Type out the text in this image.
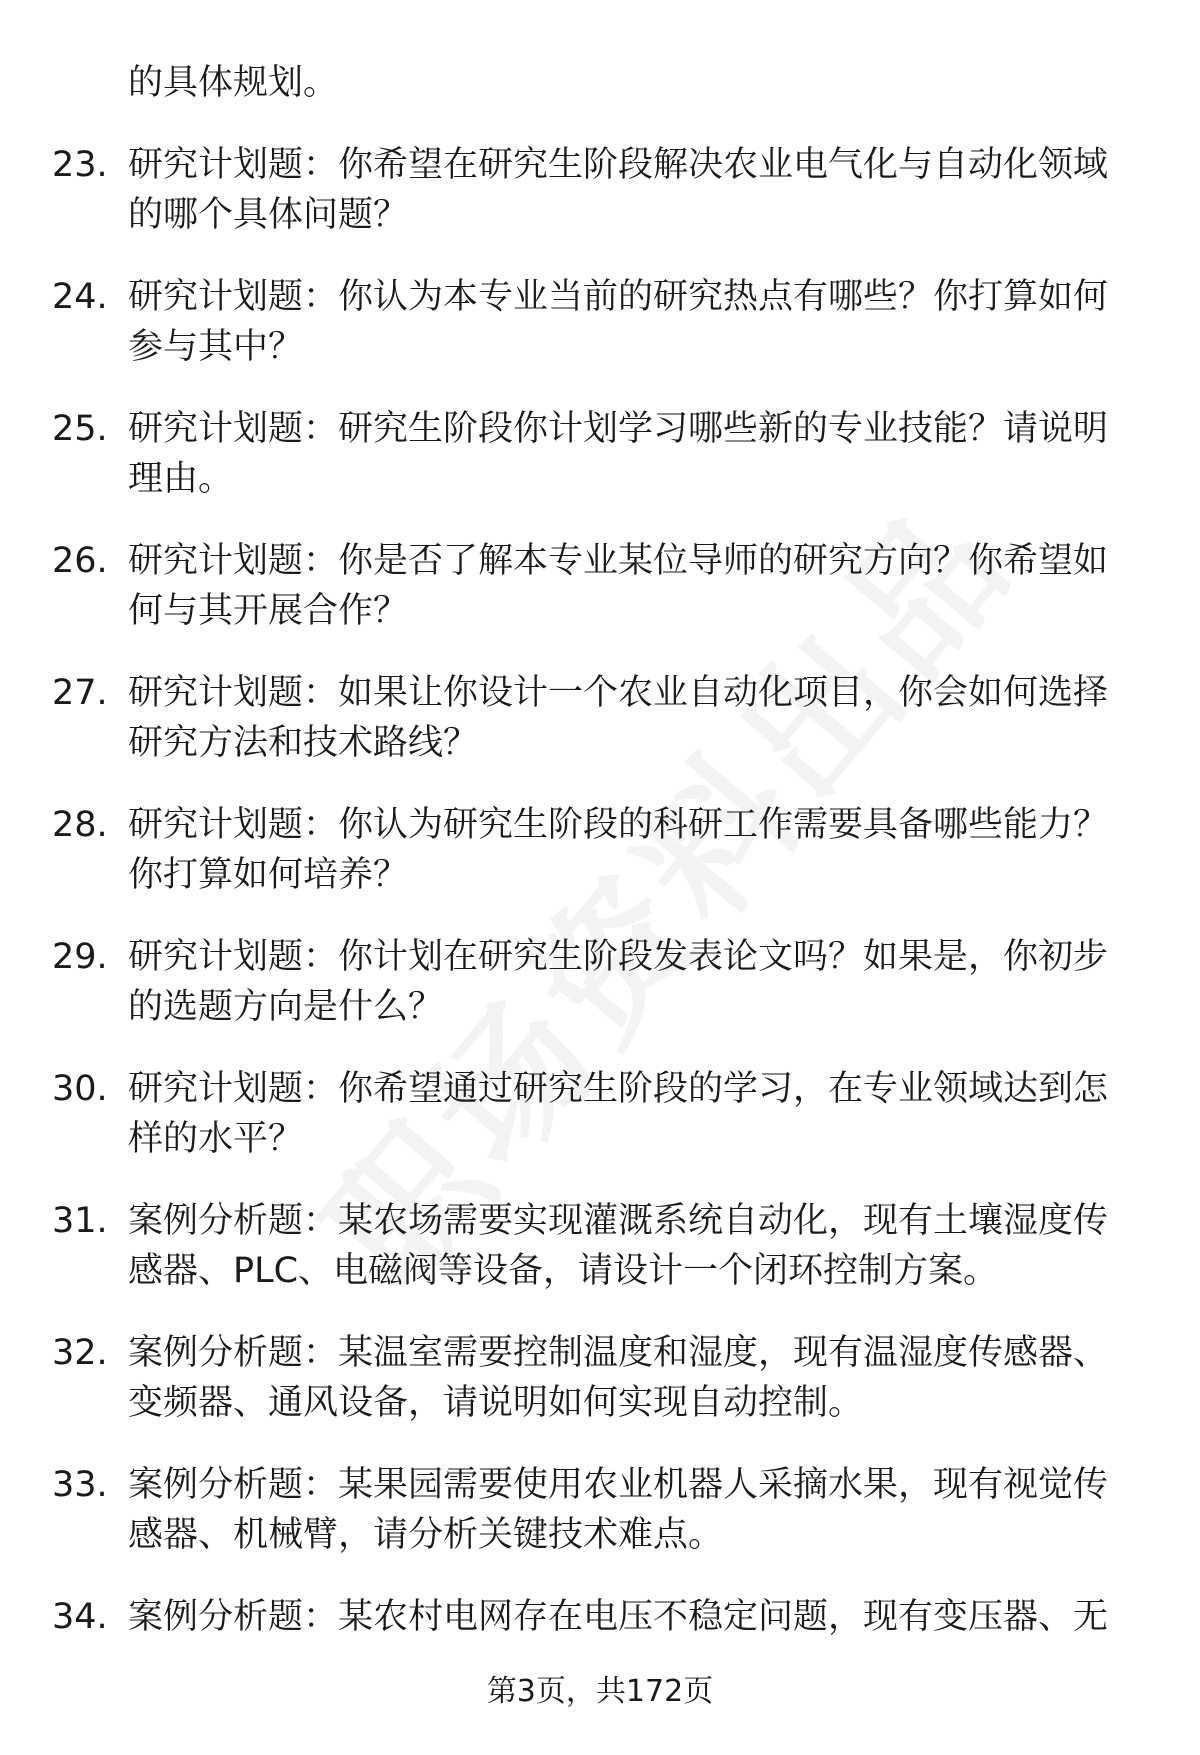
的具体规划。

23. 研究计划题：你希望在研究生阶段解决农业电气化与自动化领域
的哪个具体问题？
24. 研究计划题：你认为本专业当前的研究热点有哪些？你打算如何
参与其中？
25. 研究计划题：研究生阶段你计划学习哪些新的专业技能？请说明
理由。
26. 研究计划题：你是否了解本专业某位导师的研究方向？你希望如
何与其开展合作？
27. 研究计划题：如果让你设计一个农业自动化项目，你会如何选择
研究方法和技术路线？
28. 研究计划题：你认为研究生阶段的科研工作需要具备哪些能力？
你打算如何培养？
29. 研究计划题：你计划在研究生阶段发表论文吗？如果是，你初步
的选题方向是什么？
30. 研究计划题：你希望通过研究生阶段的学习，在专业领域达到怎
样的水平？
31. 案例分析题：某农场需要实现灌溉系统自动化，现有土壤湿度传
感器、PLC、电磁阀等设备，请设计一个闭环控制方案。
32. 案例分析题：某温室需要控制温度和湿度，现有温湿度传感器、
变频器、通风设备，请说明如何实现自动控制。
33. 案例分析题：某果园需要使用农业机器人采摘水果，现有视觉传
感器、机械臂，请分析关键技术难点。
34. 案例分析题：某农村电网存在电压不稳定问题，现有变压器、无
第3页，共172页
